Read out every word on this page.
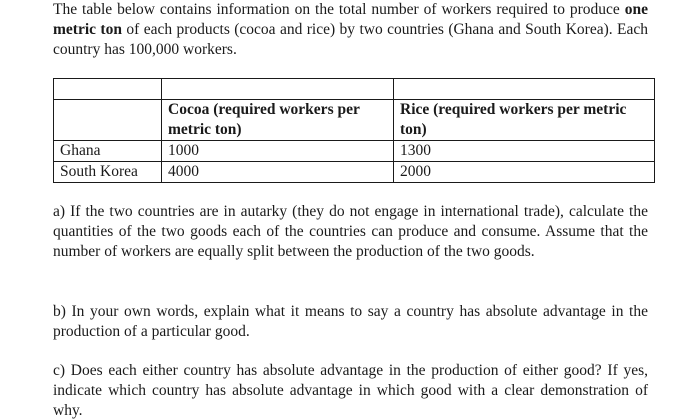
The table below contains information on the total number of workers required to produce one metric ton of each products (cocoa and rice) by two countries (Ghana and South Korea). Each country has 100,000 workers.

	Cocoa (required workers per metric ton)	Rice (required workers per metric ton)
Ghana	1000	1300
South Korea	4000	2000

a) If the two countries are in autarky (they do not engage in international trade), calculate the quantities of the two goods each of the countries can produce and consume. Assume that the number of workers are equally split between the production of the two goods.

b) In your own words, explain what it means to say a country has absolute advantage in the production of a particular good.

c) Does each either country has absolute advantage in the production of either good? If yes, indicate which country has absolute advantage in which good with a clear demonstration of why.
